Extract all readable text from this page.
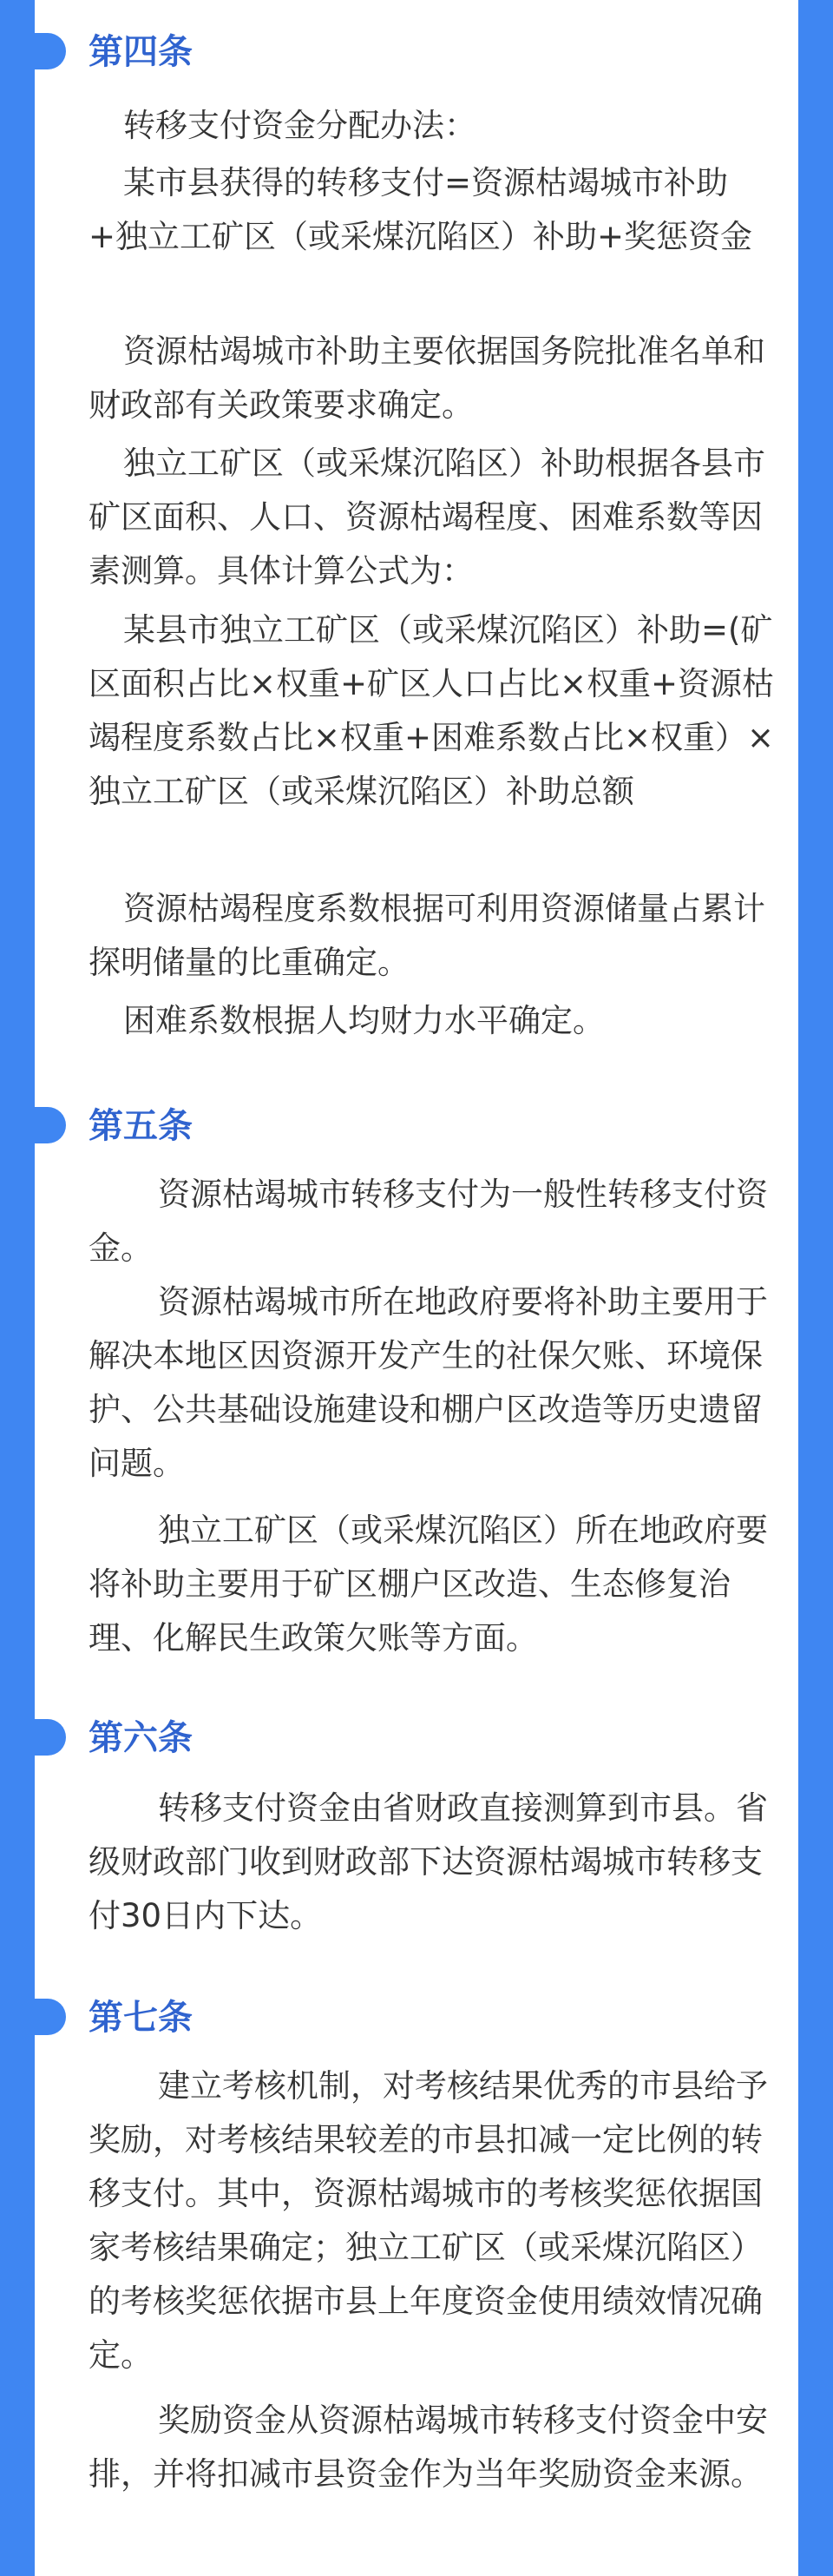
第四条
转移支付资金分配办法：
某市县获得的转移支付=资源枯竭城市补助+独立工矿区（或采煤沉陷区）补助+奖惩资金
资源枯竭城市补助主要依据国务院批准名单和财政部有关政策要求确定。
独立工矿区（或采煤沉陷区）补助根据各县市矿区面积、人口、资源枯竭程度、困难系数等因素测算。具体计算公式为：
某县市独立工矿区（或采煤沉陷区）补助=(矿区面积占比×权重+矿区人口占比×权重+资源枯竭程度系数占比×权重+困难系数占比×权重）×独立工矿区（或采煤沉陷区）补助总额
资源枯竭程度系数根据可利用资源储量占累计探明储量的比重确定。
困难系数根据人均财力水平确定。
第五条
资源枯竭城市转移支付为一般性转移支付资金。
资源枯竭城市所在地政府要将补助主要用于解决本地区因资源开发产生的社保欠账、环境保护、公共基础设施建设和棚户区改造等历史遗留问题。
独立工矿区（或采煤沉陷区）所在地政府要将补助主要用于矿区棚户区改造、生态修复治理、化解民生政策欠账等方面。
第六条
转移支付资金由省财政直接测算到市县。省级财政部门收到财政部下达资源枯竭城市转移支付30日内下达。
第七条
建立考核机制，对考核结果优秀的市县给予奖励，对考核结果较差的市县扣减一定比例的转移支付。其中，资源枯竭城市的考核奖惩依据国家考核结果确定；独立工矿区（或采煤沉陷区）的考核奖惩依据市县上年度资金使用绩效情况确定。
奖励资金从资源枯竭城市转移支付资金中安排，并将扣减市县资金作为当年奖励资金来源。
